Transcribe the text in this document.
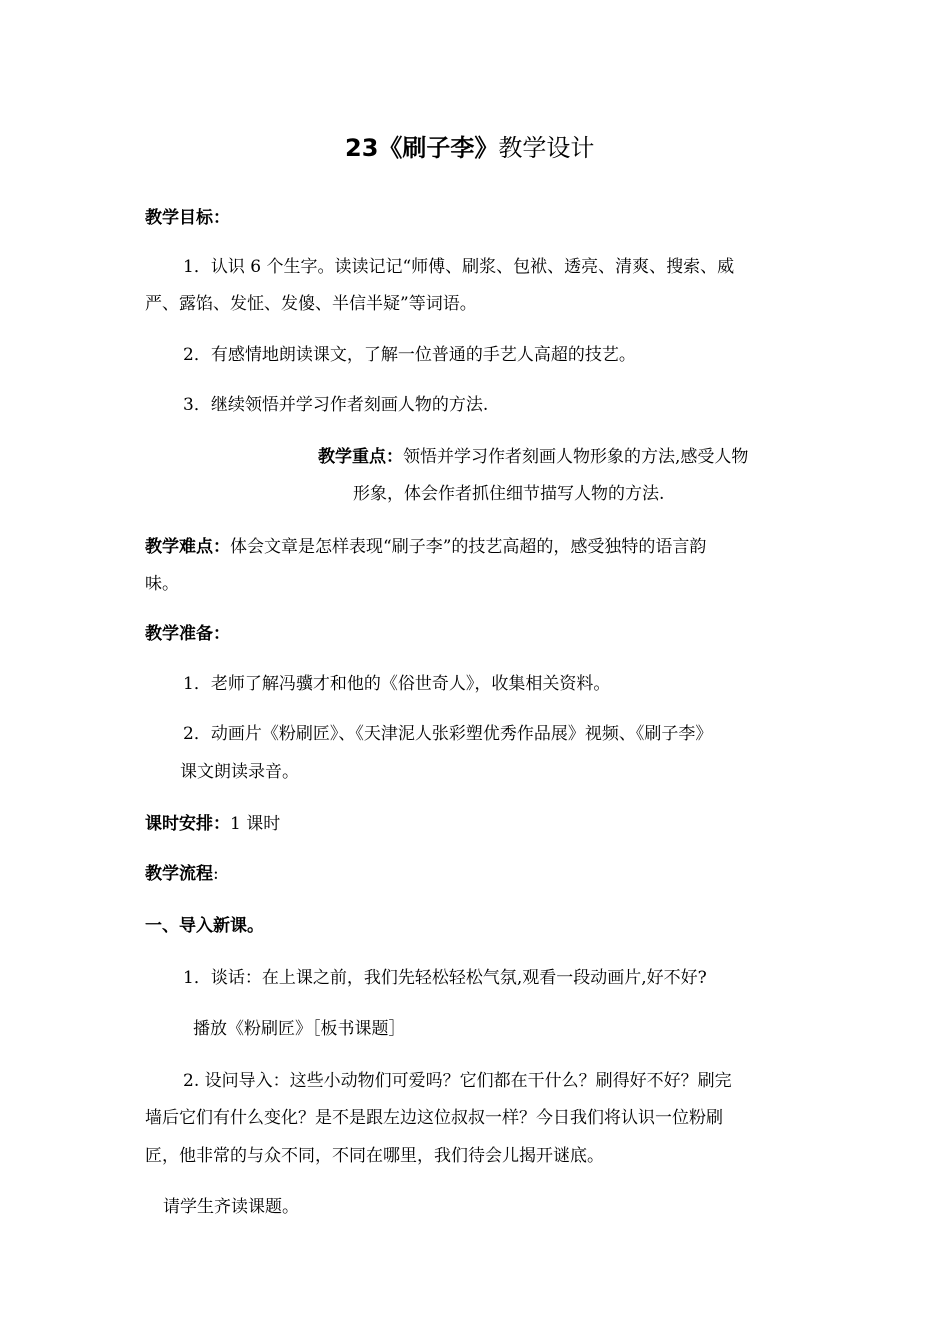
23《刷子李》教学设计
教学目标：
1．认识 6 个生字。读读记记“师傅、刷浆、包袱、透亮、清爽、搜索、威
严、露馅、发怔、发傻、半信半疑”等词语。
2．有感情地朗读课文，了解一位普通的手艺人高超的技艺。
3．继续领悟并学习作者刻画人物的方法.
教学重点：领悟并学习作者刻画人物形象的方法,感受人物
形象，体会作者抓住细节描写人物的方法.
教学难点：体会文章是怎样表现“刷子李”的技艺高超的，感受独特的语言韵
味。
教学准备：
1．老师了解冯骥才和他的《俗世奇人》，收集相关资料。
2．动画片《粉刷匠》、《天津泥人张彩塑优秀作品展》视频、《刷子李》
课文朗读录音。
课时安排：1 课时
教学流程:
一、导入新课。
1．谈话：在上课之前，我们先轻松轻松气氛,观看一段动画片,好不好?
播放《粉刷匠》［板书课题］
2. 设问导入：这些小动物们可爱吗？它们都在干什么？刷得好不好？刷完
墙后它们有什么变化？是不是跟左边这位叔叔一样？今日我们将认识一位粉刷
匠，他非常的与众不同，不同在哪里，我们待会儿揭开谜底。
请学生齐读课题。
